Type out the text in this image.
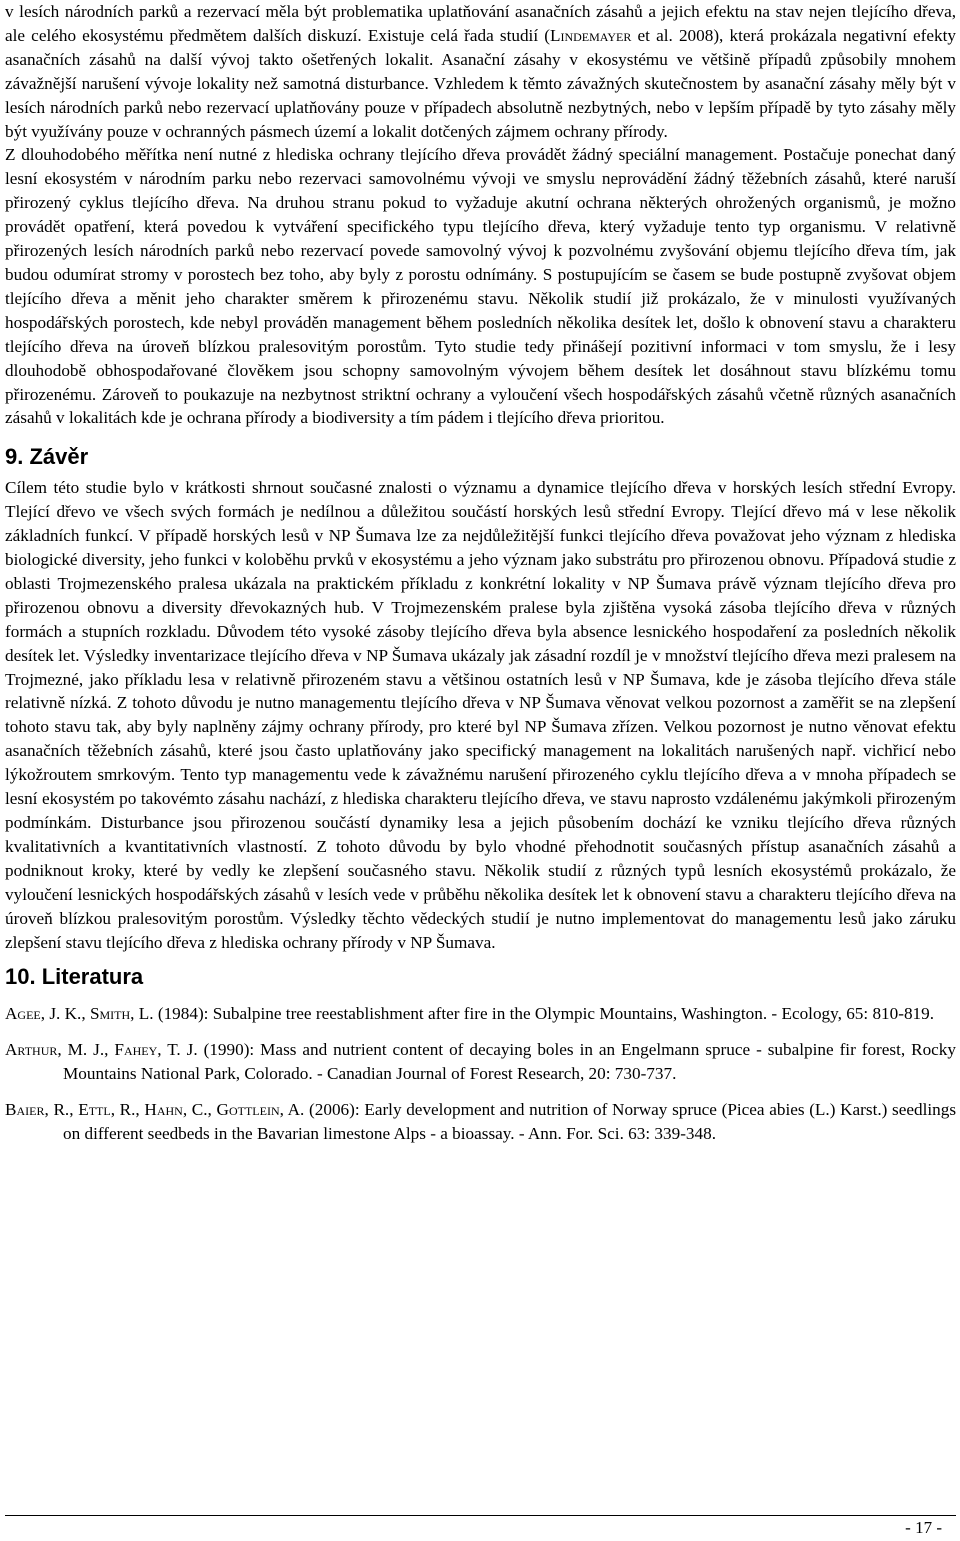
v lesích národních parků a rezervací měla být problematika uplatňování asanačních zásahů a jejich efektu na stav nejen tlejícího dřeva, ale celého ekosystému předmětem dalších diskuzí. Existuje celá řada studií (Lindemayer et al. 2008), která prokázala negativní efekty asanačních zásahů na další vývoj takto ošetřených lokalit. Asanační zásahy v ekosystému ve většině případů způsobily mnohem závažnější narušení vývoje lokality než samotná disturbance. Vzhledem k těmto závažných skutečnostem by asanační zásahy měly být v lesích národních parků nebo rezervací uplatňovány pouze v případech absolutně nezbytných, nebo v lepším případě by tyto zásahy měly být využívány pouze v ochranných pásmech území a lokalit dotčených zájmem ochrany přírody.

Z dlouhodobého měřítka není nutné z hlediska ochrany tlejícího dřeva provádět žádný speciální management. Postačuje ponechat daný lesní ekosystém v národním parku nebo rezervaci samovolnému vývoji ve smyslu neprovádění žádný těžebních zásahů, které naruší přirozený cyklus tlejícího dřeva. Na druhou stranu pokud to vyžaduje akutní ochrana některých ohrožených organismů, je možno provádět opatření, která povedou k vytváření specifického typu tlejícího dřeva, který vyžaduje tento typ organismu. V relativně přirozených lesích národních parků nebo rezervací povede samovolný vývoj k pozvolnému zvyšování objemu tlejícího dřeva tím, jak budou odumírat stromy v porostech bez toho, aby byly z porostu odnímány. S postupujícím se časem se bude postupně zvyšovat objem tlejícího dřeva a měnit jeho charakter směrem k přirozenému stavu. Několik studií již prokázalo, že v minulosti využívaných hospodářských porostech, kde nebyl prováděn management během posledních několika desítek let, došlo k obnovení stavu a charakteru tlejícího dřeva na úroveň blízkou pralesovitým porostům. Tyto studie tedy přinášejí pozitivní informaci v tom smyslu, že i lesy dlouhodobě obhospodařované člověkem jsou schopny samovolným vývojem během desítek let dosáhnout stavu blízkému tomu přirozenému. Zároveň to poukazuje na nezbytnost striktní ochrany a vyloučení všech hospodářských zásahů včetně různých asanačních zásahů v lokalitách kde je ochrana přírody a biodiversity a tím pádem i tlejícího dřeva prioritou.

9. Závěr

Cílem této studie bylo v krátkosti shrnout současné znalosti o významu a dynamice tlejícího dřeva v horských lesích střední Evropy. Tlející dřevo ve všech svých formách je nedílnou a důležitou součástí horských lesů střední Evropy. Tlející dřevo má v lese několik základních funkcí. V případě horských lesů v NP Šumava lze za nejdůležitější funkci tlejícího dřeva považovat jeho význam z hlediska biologické diversity, jeho funkci v koloběhu prvků v ekosystému a jeho význam jako substrátu pro přirozenou obnovu. Případová studie z oblasti Trojmezenského pralesa ukázala na praktickém příkladu z konkrétní lokality v NP Šumava právě význam tlejícího dřeva pro přirozenou obnovu a diversity dřevokazných hub. V Trojmezenském pralese byla zjištěna vysoká zásoba tlejícího dřeva v různých formách a stupních rozkladu. Důvodem této vysoké zásoby tlejícího dřeva byla absence lesnického hospodaření za posledních několik desítek let. Výsledky inventarizace tlejícího dřeva v NP Šumava ukázaly jak zásadní rozdíl je v množství tlejícího dřeva mezi pralesem na Trojmezné, jako příkladu lesa v relativně přirozeném stavu a většinou ostatních lesů v NP Šumava, kde je zásoba tlejícího dřeva stále relativně nízká. Z tohoto důvodu je nutno managementu tlejícího dřeva v NP Šumava věnovat velkou pozornost a zaměřit se na zlepšení tohoto stavu tak, aby byly naplněny zájmy ochrany přírody, pro které byl NP Šumava zřízen. Velkou pozornost je nutno věnovat efektu asanačních těžebních zásahů, které jsou často uplatňovány jako specifický management na lokalitách narušených např. vichřicí nebo lýkožroutem smrkovým. Tento typ managementu vede k závažnému narušení přirozeného cyklu tlejícího dřeva a v mnoha případech se lesní ekosystém po takovémto zásahu nachází, z hlediska charakteru tlejícího dřeva, ve stavu naprosto vzdálenému jakýmkoli přirozeným podmínkám. Disturbance jsou přirozenou součástí dynamiky lesa a jejich působením dochází ke vzniku tlejícího dřeva různých kvalitativních a kvantitativních vlastností. Z tohoto důvodu by bylo vhodné přehodnotit současných přístup asanačních zásahů a podniknout kroky, které by vedly ke zlepšení současného stavu. Několik studií z různých typů lesních ekosystémů prokázalo, že vyloučení lesnických hospodářských zásahů v lesích vede v průběhu několika desítek let k obnovení stavu a charakteru tlejícího dřeva na úroveň blízkou pralesovitým porostům. Výsledky těchto vědeckých studií je nutno implementovat do managementu lesů jako záruku zlepšení stavu tlejícího dřeva z hlediska ochrany přírody v NP Šumava.

10. Literatura

Agee, J. K., Smith, L. (1984): Subalpine tree reestablishment after fire in the Olympic Mountains, Washington. - Ecology, 65: 810-819.

Arthur, M. J., Fahey, T. J. (1990): Mass and nutrient content of decaying boles in an Engelmann spruce - subalpine fir forest, Rocky Mountains National Park, Colorado. - Canadian Journal of Forest Research, 20: 730-737.

Baier, R., Ettl, R., Hahn, C., Gottlein, A. (2006): Early development and nutrition of Norway spruce (Picea abies (L.) Karst.) seedlings on different seedbeds in the Bavarian limestone Alps - a bioassay. - Ann. For. Sci. 63: 339-348.

- 17 -
